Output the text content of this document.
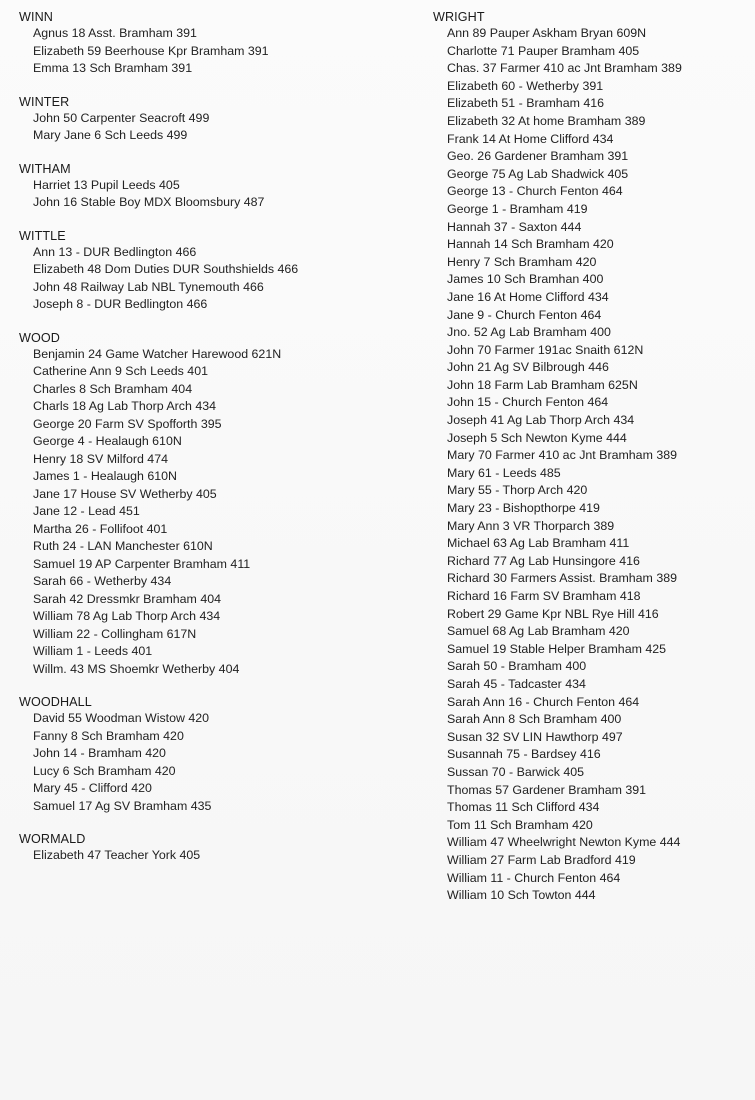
WINN
Agnus 18 Asst. Bramham 391
Elizabeth 59 Beerhouse Kpr Bramham 391
Emma 13 Sch Bramham 391
WINTER
John 50 Carpenter Seacroft 499
Mary Jane 6 Sch Leeds 499
WITHAM
Harriet 13 Pupil Leeds 405
John 16 Stable Boy MDX Bloomsbury 487
WITTLE
Ann 13 - DUR Bedlington 466
Elizabeth 48 Dom Duties DUR Southshields 466
John 48 Railway Lab NBL Tynemouth 466
Joseph 8 - DUR Bedlington 466
WOOD
Benjamin 24 Game Watcher Harewood 621N
Catherine Ann 9 Sch Leeds 401
Charles 8 Sch Bramham 404
Charls 18 Ag Lab Thorp Arch 434
George 20 Farm SV Spofforth 395
George 4 - Healaugh 610N
Henry 18 SV Milford 474
James 1 - Healaugh 610N
Jane 17 House SV Wetherby 405
Jane 12 - Lead 451
Martha 26 - Follifoot 401
Ruth 24 - LAN Manchester 610N
Samuel 19 AP Carpenter Bramham 411
Sarah 66 - Wetherby 434
Sarah 42 Dressmkr Bramham 404
William 78 Ag Lab Thorp Arch 434
William 22 - Collingham 617N
William 1 - Leeds 401
Willm. 43 MS Shoemkr Wetherby 404
WOODHALL
David 55 Woodman Wistow 420
Fanny 8 Sch Bramham 420
John 14 - Bramham 420
Lucy 6 Sch Bramham 420
Mary 45 - Clifford 420
Samuel 17 Ag SV Bramham 435
WORMALD
Elizabeth 47 Teacher York 405
WRIGHT
Ann 89 Pauper Askham Bryan 609N
Charlotte 71 Pauper Bramham 405
Chas. 37 Farmer 410 ac Jnt Bramham 389
Elizabeth 60 - Wetherby 391
Elizabeth 51 - Bramham 416
Elizabeth 32 At home Bramham 389
Frank 14 At Home Clifford 434
Geo. 26 Gardener Bramham 391
George 75 Ag Lab Shadwick 405
George 13 - Church Fenton 464
George 1 - Bramham 419
Hannah 37 - Saxton 444
Hannah 14 Sch Bramham 420
Henry 7 Sch Bramham 420
James 10 Sch Bramhan 400
Jane 16 At Home Clifford 434
Jane 9 - Church Fenton 464
Jno. 52 Ag Lab Bramham 400
John 70 Farmer 191ac Snaith 612N
John 21 Ag SV Bilbrough 446
John 18 Farm Lab Bramham 625N
John 15 - Church Fenton 464
Joseph 41 Ag Lab Thorp Arch 434
Joseph 5 Sch Newton Kyme 444
Mary 70 Farmer 410 ac Jnt Bramham 389
Mary 61 - Leeds 485
Mary 55 - Thorp Arch 420
Mary 23 - Bishopthorpe 419
Mary Ann 3 VR Thorparch 389
Michael 63 Ag Lab Bramham 411
Richard 77 Ag Lab Hunsingore 416
Richard 30 Farmers Assist. Bramham 389
Richard 16 Farm SV Bramham 418
Robert 29 Game Kpr NBL Rye Hill 416
Samuel 68 Ag Lab Bramham 420
Samuel 19 Stable Helper Bramham 425
Sarah 50 - Bramham 400
Sarah 45 - Tadcaster 434
Sarah Ann 16 - Church Fenton 464
Sarah Ann 8 Sch Bramham 400
Susan 32 SV LIN Hawthorp 497
Susannah 75 - Bardsey 416
Sussan 70 - Barwick 405
Thomas 57 Gardener Bramham 391
Thomas 11 Sch Clifford 434
Tom 11 Sch Bramham 420
William 47 Wheelwright Newton Kyme 444
William 27 Farm Lab Bradford 419
William 11 - Church Fenton 464
William 10 Sch Towton 444
